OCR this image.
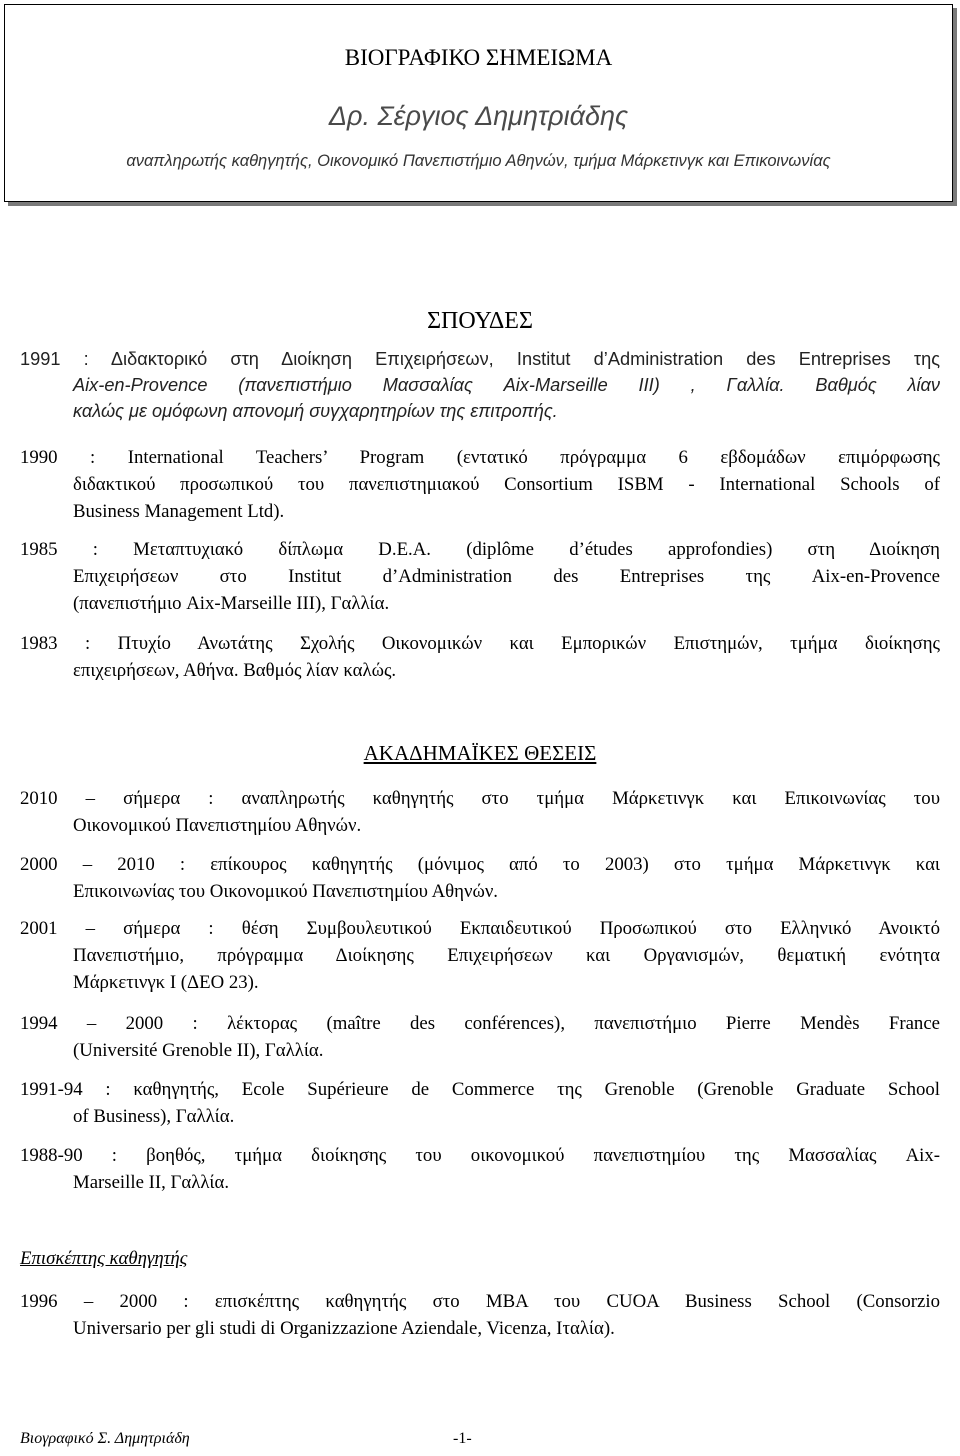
ΒΙΟΓΡΑΦΙΚΟ ΣΗΜΕΙΩΜΑ
Δρ. Σέργιος Δημητριάδης
αναπληρωτής καθηγητής, Οικονομικό Πανεπιστήμιο Αθηνών, τμήμα Μάρκετινγκ και Επικοινωνίας
ΣΠΟΥΔΕΣ
1991 : Διδακτορικό στη Διοίκηση Επιχειρήσεων, Institut d’Administration des Entreprises της
Aix-en-Provence (πανεπιστήμιο Μασσαλίας Aix-Marseille III) , Γαλλία. Βαθμός λίαν
καλώς με ομόφωνη απονομή συγχαρητηρίων της επιτροπής.
1990 : International Teachers’ Program (εντατικό πρόγραμμα 6 εβδομάδων επιμόρφωσης
διδακτικού προσωπικού του πανεπιστημιακού Consortium ISBM - International Schools of
Business Management Ltd).
1985 : Μεταπτυχιακό δίπλωμα D.E.A. (diplôme d’études approfondies) στη Διοίκηση
Επιχειρήσεων στο Institut d’Administration des Entreprises της Aix-en-Provence
(πανεπιστήμιο Aix-Marseille III), Γαλλία.
1983 : Πτυχίο Ανωτάτης Σχολής Οικονομικών και Εμπορικών Επιστημών, τμήμα διοίκησης
επιχειρήσεων, Αθήνα. Βαθμός λίαν καλώς.
ΑΚΑΔΗΜΑΪΚΕΣ ΘΕΣΕΙΣ
2010 – σήμερα : αναπληρωτής καθηγητής στο τμήμα Μάρκετινγκ και Επικοινωνίας του
Οικονομικού Πανεπιστημίου Αθηνών.
2000 – 2010 : επίκουρος καθηγητής (μόνιμος από το 2003) στο τμήμα Μάρκετινγκ και
Επικοινωνίας του Οικονομικού Πανεπιστημίου Αθηνών.
2001 – σήμερα : θέση Συμβουλευτικού Εκπαιδευτικού Προσωπικού στο Ελληνικό Ανοικτό
Πανεπιστήμιο, πρόγραμμα Διοίκησης Επιχειρήσεων και Οργανισμών, θεματική ενότητα
Μάρκετινγκ Ι (ΔΕΟ 23).
1994 – 2000 : λέκτορας (maître des conférences), πανεπιστήμιο Pierre Mendès France
(Université Grenoble II), Γαλλία.
1991-94 : καθηγητής, Ecole Supérieure de Commerce της Grenoble (Grenoble Graduate School
of Business), Γαλλία.
1988-90 : βοηθός, τμήμα διοίκησης του οικονομικού πανεπιστημίου της Μασσαλίας Aix-
Marseille II, Γαλλία.
Επισκέπτης καθηγητής
1996 – 2000 : επισκέπτης καθηγητής στο MBA του CUOA Business School (Consorzio
Universario per gli studi di Organizzazione Aziendale, Vicenza, Ιταλία).
Βιογραφικό Σ. Δημητριάδη	-1-
